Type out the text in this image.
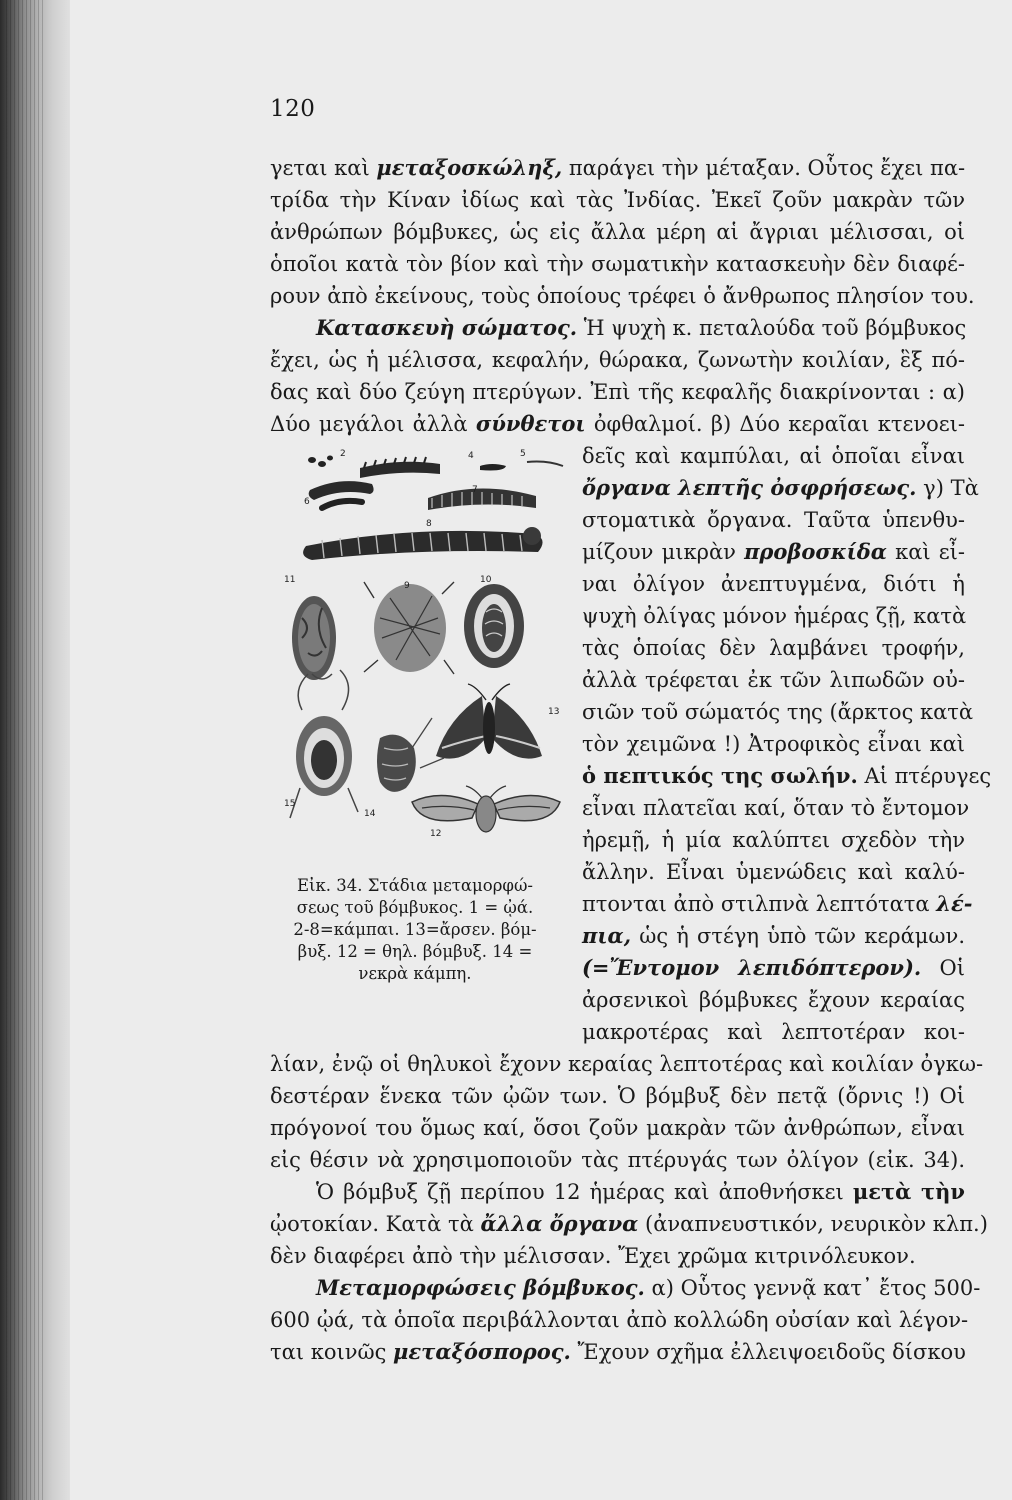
120
γεται καὶ μεταξοσκώληξ, παράγει τὴν μέταξαν. Οὗτος ἔχει πα-
τρίδα τὴν Κίναν ἰδίως καὶ τὰς Ἰνδίας. Ἐκεῖ ζοῦν μακρὰν τῶν
ἀνθρώπων βόμβυκες, ὡς εἰς ἄλλα μέρη αἱ ἄγριαι μέλισσαι, οἱ
ὁποῖοι κατὰ τὸν βίον καὶ τὴν σωματικὴν κατασκευὴν δὲν διαφέ-
ρουν ἀπὸ ἐκείνους, τοὺς ὁποίους τρέφει ὁ ἄνθρωπος πλησίον του.
Κατασκευὴ σώματος. Ἡ ψυχὴ κ. πεταλούδα τοῦ βόμβυκος
ἔχει, ὡς ἡ μέλισσα, κεφαλήν, θώρακα, ζωνωτὴν κοιλίαν, ἓξ πό-
δας καὶ δύο ζεύγη πτερύγων. Ἐπὶ τῆς κεφαλῆς διακρίνονται : α)
Δύο μεγάλοι ἀλλὰ σύνθετοι ὀφθαλμοί. β) Δύο κεραῖαι κτενοει-
δεῖς καὶ καμπύλαι, αἱ ὁποῖαι εἶναι
ὄργανα λεπτῆς ὀσφρήσεως. γ) Τὰ
στοματικὰ ὄργανα. Ταῦτα ὑπενθυ-
μίζουν μικρὰν προβοσκίδα καὶ εἶ-
ναι ὀλίγον ἀνεπτυγμένα, διότι ἡ
ψυχὴ ὀλίγας μόνον ἡμέρας ζῇ, κατὰ
τὰς ὁποίας δὲν λαμβάνει τροφήν,
ἀλλὰ τρέφεται ἐκ τῶν λιπωδῶν οὐ-
σιῶν τοῦ σώματός της (ἄρκτος κατὰ
τὸν χειμῶνα !) Ἀτροφικὸς εἶναι καὶ
ὁ πεπτικός της σωλήν. Αἱ πτέρυγες
εἶναι πλατεῖαι καί, ὅταν τὸ ἔντομον
ἠρεμῇ, ἡ μία καλύπτει σχεδὸν τὴν
ἄλλην. Εἶναι ὑμενώδεις καὶ καλύ-
πτονται ἀπὸ στιλπνὰ λεπτότατα λέ-
πια, ὡς ἡ στέγη ὑπὸ τῶν κεράμων.
(=Ἔντομον λεπιδόπτερον). Οἱ
ἀρσενικοὶ βόμβυκες ἔχουν κεραίας
μακροτέρας καὶ λεπτοτέραν κοι-
λίαν, ἐνῷ οἱ θηλυκοὶ ἔχονν κεραίας λεπτοτέρας καὶ κοιλίαν ὀγκω-
δεστέραν ἕνεκα τῶν ᾠῶν των. Ὁ βόμβυξ δὲν πετᾷ (ὄρνις !) Οἱ
πρόγονοί του ὅμως καί, ὅσοι ζοῦν μακρὰν τῶν ἀνθρώπων, εἶναι
εἰς θέσιν νὰ χρησιμοποιοῦν τὰς πτέρυγάς των ὀλίγον (εἰκ. 34).
Ὁ βόμβυξ ζῇ περίπου 12 ἡμέρας καὶ ἀποθνήσκει μετὰ τὴν
ᾠοτοκίαν. Κατὰ τὰ ἄλλα ὄργανα (ἀναπνευστικόν, νευρικὸν κλπ.)
δὲν διαφέρει ἀπὸ τὴν μέλισσαν. Ἔχει χρῶμα κιτρινόλευκον.
Μεταμορφώσεις βόμβυκος. α) Οὗτος γεννᾷ κατ᾽ ἔτος 500-
600 ᾠά, τὰ ὁποῖα περιβάλλονται ἀπὸ κολλώδη οὐσίαν καὶ λέγον-
ται κοινῶς μεταξόσπορος. Ἔχουν σχῆμα ἐλλειψοειδοῦς δίσκου
2	4	5
6
7
8
9
10
11
13
14
15
12
Εἰκ. 34. Στάδια μεταμορφώ-
σεως τοῦ βόμβυκος. 1 = ᾠά.
2-8=κάμπαι. 13=ἄρσεν. βόμ-
βυξ. 12 = θηλ. βόμβυξ. 14 =
νεκρὰ κάμπη.
